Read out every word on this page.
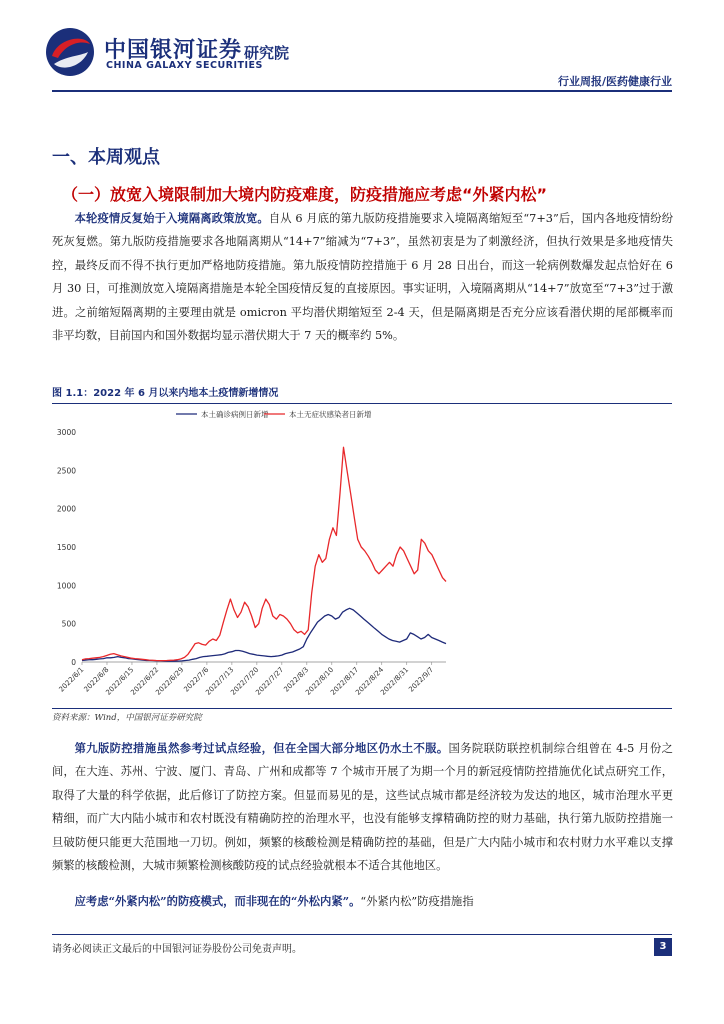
中国银河证券
CHINA GALAXY SECURITIES
研究院
行业周报/医药健康行业
一、本周观点
（一）放宽入境限制加大境内防疫难度，防疫措施应考虑“外紧内松”
本轮疫情反复始于入境隔离政策放宽。自从 6 月底的第九版防疫措施要求入境隔离缩短至“7+3”后，国内各地疫情纷纷死灰复燃。第九版防疫措施要求各地隔离期从“14+7”缩减为“7+3”，虽然初衷是为了刺激经济，但执行效果是多地疫情失控，最终反而不得不执行更加严格地防疫措施。第九版疫情防控措施于 6 月 28 日出台，而这一轮病例数爆发起点恰好在 6 月 30 日，可推测放宽入境隔离措施是本轮全国疫情反复的直接原因。事实证明，入境隔离期从“14+7”放宽至“7+3”过于激进。之前缩短隔离期的主要理由就是 omicron 平均潜伏期缩短至 2-4 天，但是隔离期是否充分应该看潜伏期的尾部概率而非平均数，目前国内和国外数据均显示潜伏期大于 7 天的概率约 5%。
图 1.1：2022 年 6 月以来内地本土疫情新增情况
0
500
1000
1500
2000
2500
3000
2022/6/1
2022/6/8
2022/6/15
2022/6/22
2022/6/29
2022/7/6
2022/7/13
2022/7/20
2022/7/27
2022/8/3
2022/8/10
2022/8/17
2022/8/24
2022/8/31
2022/9/7
本土确诊病例日新增	本土无症状感染者日新增
资料来源：Wind，中国银河证券研究院
第九版防控措施虽然参考过试点经验，但在全国大部分地区仍水土不服。国务院联防联控机制综合组曾在 4-5 月份之间，在大连、苏州、宁波、厦门、青岛、广州和成都等 7 个城市开展了为期一个月的新冠疫情防控措施优化试点研究工作，取得了大量的科学依据，此后修订了防控方案。但显而易见的是，这些试点城市都是经济较为发达的地区，城市治理水平更精细，而广大内陆小城市和农村既没有精确防控的治理水平，也没有能够支撑精确防控的财力基础，执行第九版防控措施一旦破防便只能更大范围地一刀切。例如，频繁的核酸检测是精确防控的基础，但是广大内陆小城市和农村财力水平难以支撑频繁的核酸检测，大城市频繁检测核酸防疫的试点经验就根本不适合其他地区。
应考虑“外紧内松”的防疫模式，而非现在的“外松内紧”。“外紧内松”防疫措施指
请务必阅读正文最后的中国银河证券股份公司免责声明。	3
